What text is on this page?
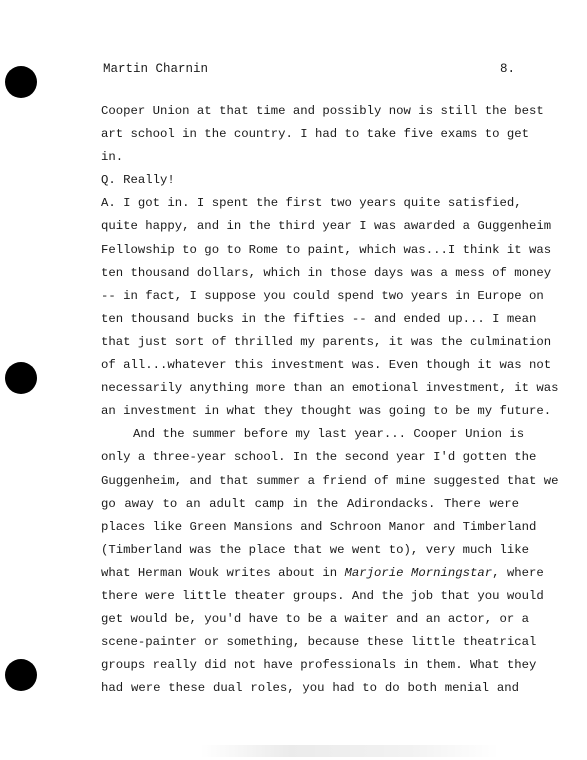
Martin Charnin	8.
Cooper Union at that time and possibly now is still the best
art school in the country. I had to take five exams to get
in.
Q. Really!
A. I got in. I spent the first two years quite satisfied,
quite happy, and in the third year I was awarded a Guggenheim
Fellowship to go to Rome to paint, which was...I think it was
ten thousand dollars, which in those days was a mess of money
-- in fact, I suppose you could spend two years in Europe on
ten thousand bucks in the fifties -- and ended up... I mean
that just sort of thrilled my parents, it was the culmination
of all...whatever this investment was. Even though it was not
necessarily anything more than an emotional investment, it was
an investment in what they thought was going to be my future.
And the summer before my last year... Cooper Union is
only a three-year school. In the second year I'd gotten the
Guggenheim, and that summer a friend of mine suggested that we
go away to an adult camp in the Adirondacks. There were
places like Green Mansions and Schroon Manor and Timberland
(Timberland was the place that we went to), very much like
what Herman Wouk writes about in Marjorie Morningstar, where
there were little theater groups. And the job that you would
get would be, you'd have to be a waiter and an actor, or a
scene-painter or something, because these little theatrical
groups really did not have professionals in them. What they
had were these dual roles, you had to do both menial and
